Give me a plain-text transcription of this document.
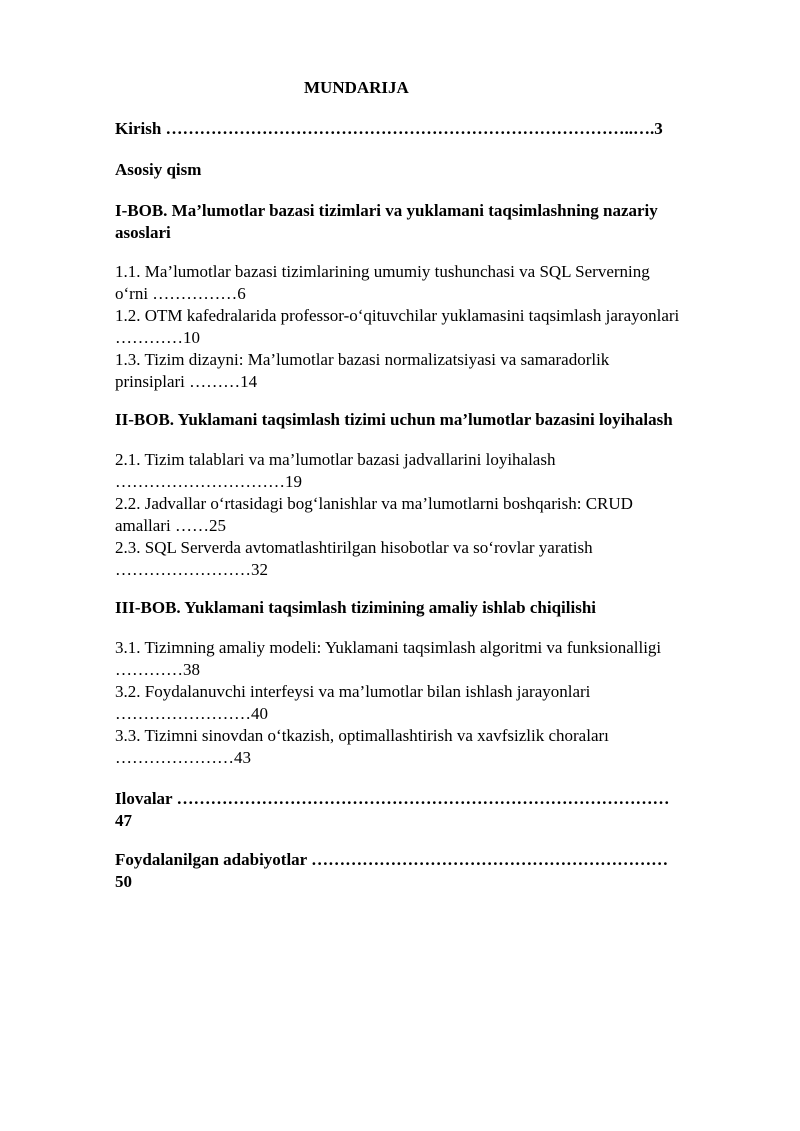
MUNDARIJA
Kirish ………………………………………………………………………..….3
Asosiy qism
I-BOB. Ma’lumotlar bazasi tizimlari va yuklamani taqsimlashning nazariy
asoslari
1.1. Ma’lumotlar bazasi tizimlarining umumiy tushunchasi va SQL Serverning
o‘rni ……………6
1.2. OTM kafedralarida professor-o‘qituvchilar yuklamasini taqsimlash jarayonlari
…………10
1.3. Tizim dizayni: Ma’lumotlar bazasi normalizatsiyasi va samaradorlik
prinsiplari ………14
II-BOB. Yuklamani taqsimlash tizimi uchun ma’lumotlar bazasini loyihalash
2.1. Tizim talablari va ma’lumotlar bazasi jadvallarini loyihalash
…………………………19
2.2. Jadvallar o‘rtasidagi bog‘lanishlar va ma’lumotlarni boshqarish: CRUD
amallari ……25
2.3. SQL Serverda avtomatlashtirilgan hisobotlar va so‘rovlar yaratish
……………………32
III-BOB. Yuklamani taqsimlash tizimining amaliy ishlab chiqilishi
3.1. Tizimning amaliy modeli: Yuklamani taqsimlash algoritmi va funksionalligi
…………38
3.2. Foydalanuvchi interfeysi va ma’lumotlar bilan ishlash jarayonlari
……………………40
3.3. Tizimni sinovdan o‘tkazish, optimallashtirish va xavfsizlik choraları
…………………43
Ilovalar ……………………………………………………………………………
47
Foydalanilgan adabiyotlar ………………………………………………………
50
